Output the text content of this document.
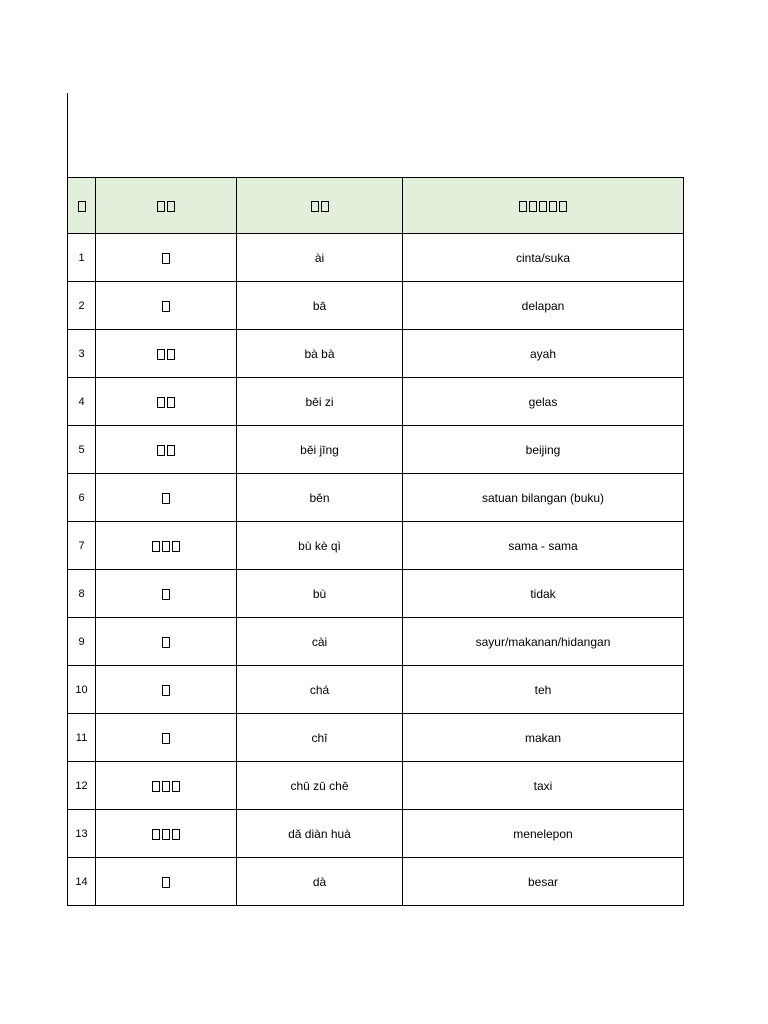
1		ài	cinta/suka
2		bā	delapan
3		bà bà	ayah
4		bēi zi	gelas
5		běi jīng	beijing
6		běn	satuan bilangan (buku)
7		bù kè qì	sama - sama
8		bù	tidak
9		cài	sayur/makanan/hidangan
10		chá	teh
11		chī	makan
12		chū zū chē	taxi
13		dǎ diàn huà	menelepon
14		dà	besar
